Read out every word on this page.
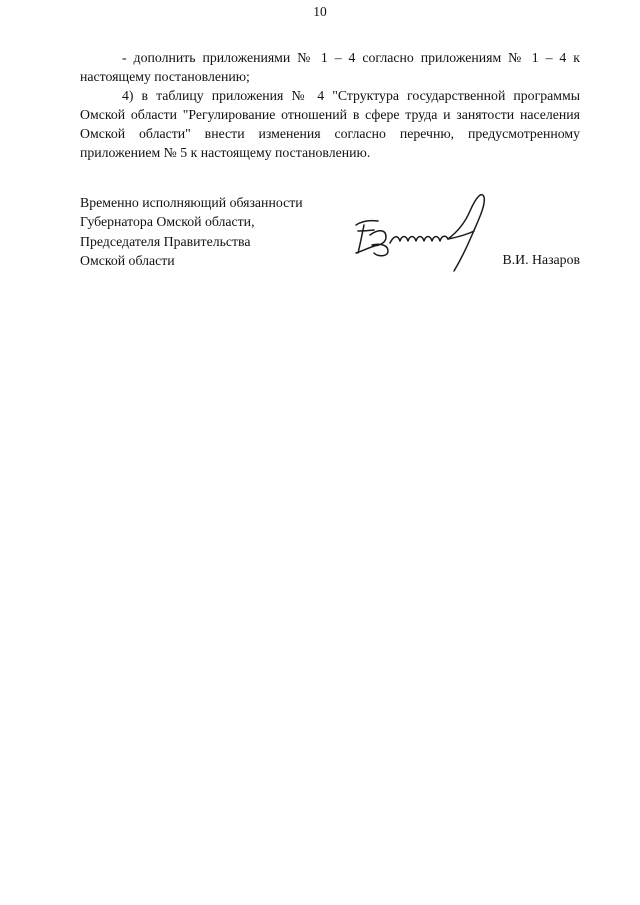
10

- дополнить приложениями № 1 – 4 согласно приложениям № 1 – 4 к настоящему постановлению;

4) в таблицу приложения № 4 "Структура государственной программы Омской области "Регулирование отношений в сфере труда и занятости населения Омской области" внести изменения согласно перечню, предусмотренному приложением № 5 к настоящему постановлению.

Временно исполняющий обязанности
Губернатора Омской области,
Председателя Правительства
Омской области	В.И. Назаров
